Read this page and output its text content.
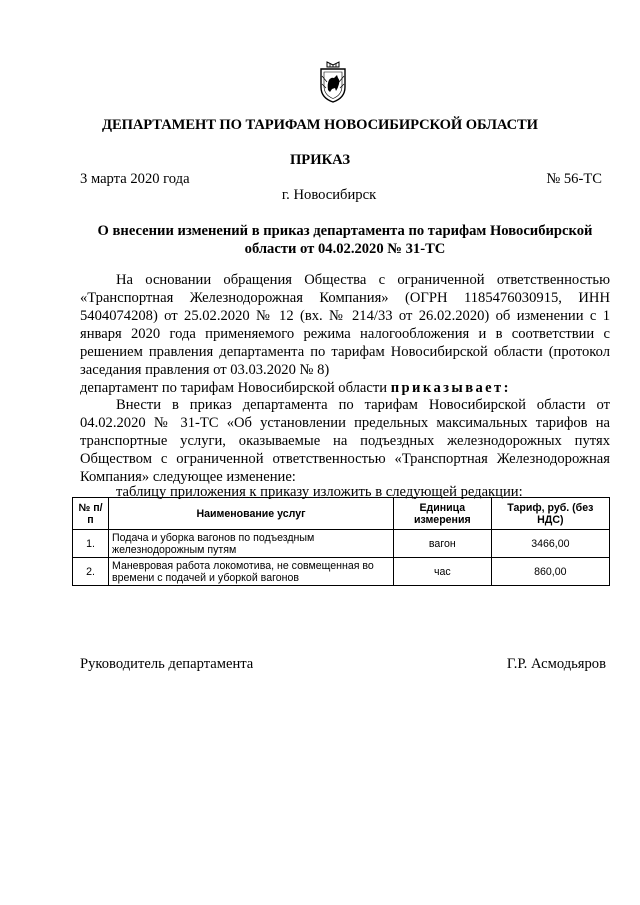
ДЕПАРТАМЕНТ ПО ТАРИФАМ НОВОСИБИРСКОЙ ОБЛАСТИ
ПРИКАЗ
3 марта 2020 года	№ 56-ТС
г. Новосибирск
О внесении изменений в приказ департамента по тарифам Новосибирской области от 04.02.2020 № 31-ТС
На основании обращения Общества с ограниченной ответственностью «Транспортная Железнодорожная Компания» (ОГРН 1185476030915, ИНН 5404074208) от 25.02.2020 № 12 (вх. № 214/33 от 26.02.2020) об изменении с 1 января 2020 года применяемого режима налогообложения и в соответствии с решением правления департамента по тарифам Новосибирской области (протокол заседания правления от 03.03.2020 № 8)
департамент по тарифам Новосибирской области приказывает:
Внести в приказ департамента по тарифам Новосибирской области от 04.02.2020 № 31-ТС «Об установлении предельных максимальных тарифов на транспортные услуги, оказываемые на подъездных железнодорожных путях Обществом с ограниченной ответственностью «Транспортная Железнодорожная Компания» следующее изменение:
таблицу приложения к приказу изложить в следующей редакции:
№ п/п	Наименование услуг	Единица измерения	Тариф, руб. (без НДС)
1.	Подача и уборка вагонов по подъездным железнодорожным путям	вагон	3466,00
2.	Маневровая работа локомотива, не совмещенная во времени с подачей и уборкой вагонов	час	860,00
Руководитель департамента	Г.Р. Асмодьяров
